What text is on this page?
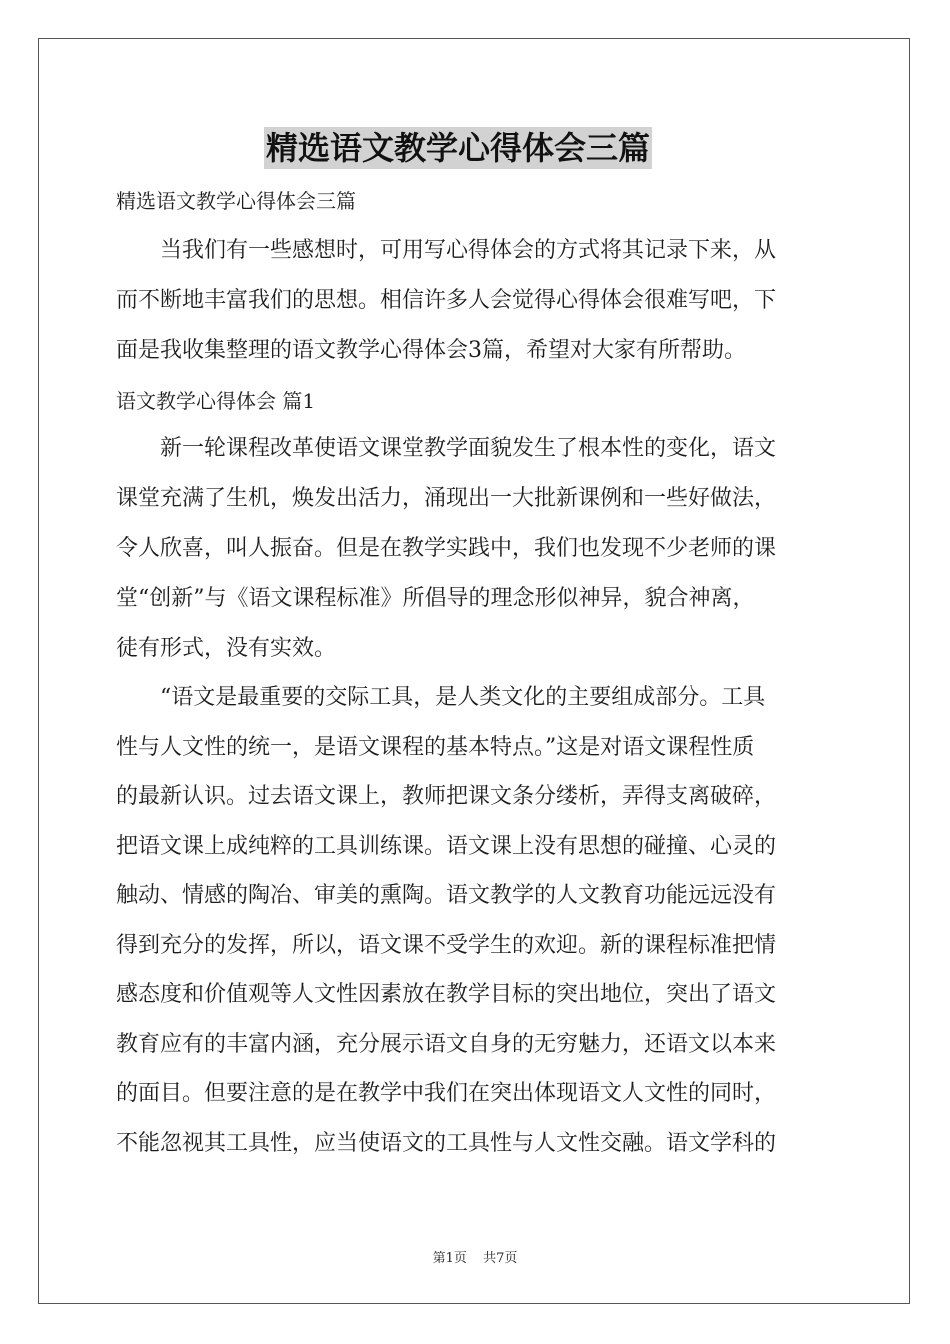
精选语文教学心得体会三篇
精选语文教学心得体会三篇
　　当我们有一些感想时，可用写心得体会的方式将其记录下来，从
而不断地丰富我们的思想。相信许多人会觉得心得体会很难写吧，下
面是我收集整理的语文教学心得体会3篇，希望对大家有所帮助。
语文教学心得体会 篇1
　　新一轮课程改革使语文课堂教学面貌发生了根本性的变化，语文
课堂充满了生机，焕发出活力，涌现出一大批新课例和一些好做法，
令人欣喜，叫人振奋。但是在教学实践中，我们也发现不少老师的课
堂“创新”与《语文课程标准》所倡导的理念形似神异，貌合神离，
徒有形式，没有实效。
　　“语文是最重要的交际工具，是人类文化的主要组成部分。工具
性与人文性的统一，是语文课程的基本特点。”这是对语文课程性质
的最新认识。过去语文课上，教师把课文条分缕析，弄得支离破碎，
把语文课上成纯粹的工具训练课。语文课上没有思想的碰撞、心灵的
触动、情感的陶冶、审美的熏陶。语文教学的人文教育功能远远没有
得到充分的发挥，所以，语文课不受学生的欢迎。新的课程标准把情
感态度和价值观等人文性因素放在教学目标的突出地位，突出了语文
教育应有的丰富内涵，充分展示语文自身的无穷魅力，还语文以本来
的面目。但要注意的是在教学中我们在突出体现语文人文性的同时，
不能忽视其工具性，应当使语文的工具性与人文性交融。语文学科的
第1页 共7页
